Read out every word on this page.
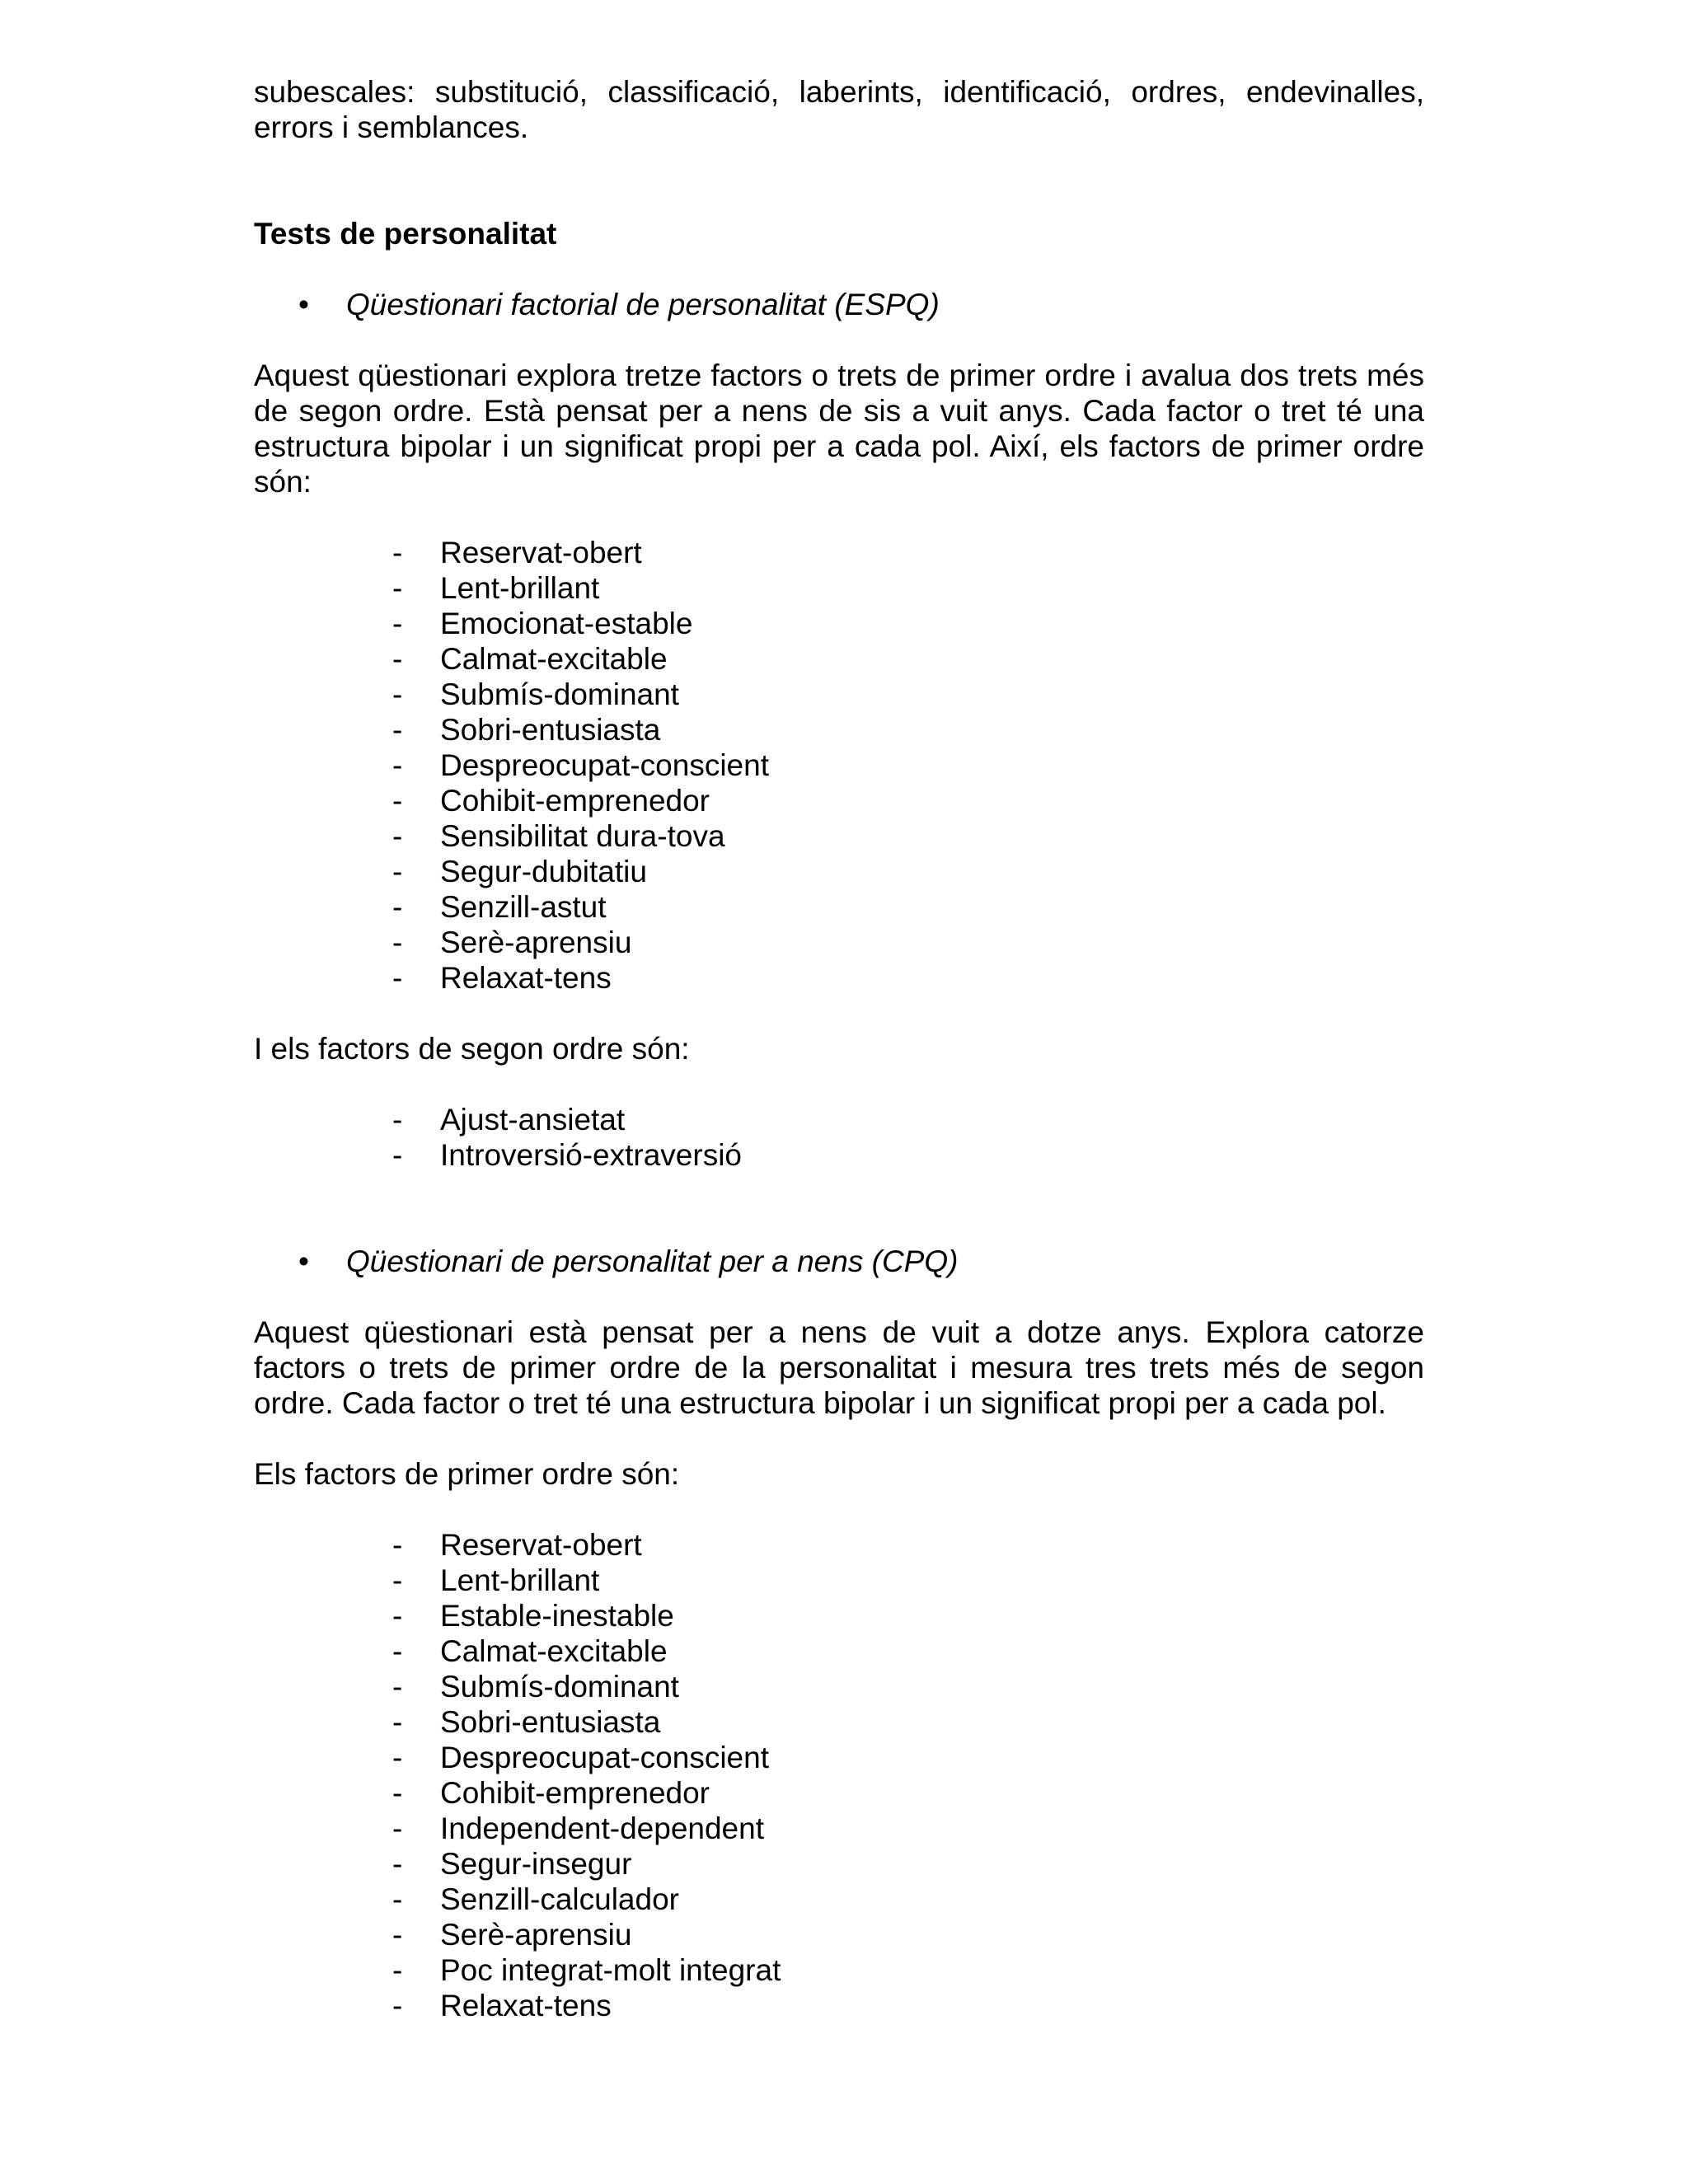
subescales: substitució, classificació, laberints, identificació, ordres, endevinalles, errors i semblances.

Tests de personalitat

•	Qüestionari factorial de personalitat (ESPQ)

Aquest qüestionari explora tretze factors o trets de primer ordre i avalua dos trets més de segon ordre. Està pensat per a nens de sis a vuit anys. Cada factor o tret té una estructura bipolar i un significat propi per a cada pol. Així, els factors de primer ordre són:

-	Reservat-obert
-	Lent-brillant
-	Emocionat-estable
-	Calmat-excitable
-	Submís-dominant
-	Sobri-entusiasta
-	Despreocupat-conscient
-	Cohibit-emprenedor
-	Sensibilitat dura-tova
-	Segur-dubitatiu
-	Senzill-astut
-	Serè-aprensiu
-	Relaxat-tens

I els factors de segon ordre són:

-	Ajust-ansietat
-	Introversió-extraversió

•	Qüestionari de personalitat per a nens (CPQ)

Aquest qüestionari està pensat per a nens de vuit a dotze anys. Explora catorze factors o trets de primer ordre de la personalitat i mesura tres trets més de segon ordre. Cada factor o tret té una estructura bipolar i un significat propi per a cada pol.

Els factors de primer ordre són:

-	Reservat-obert
-	Lent-brillant
-	Estable-inestable
-	Calmat-excitable
-	Submís-dominant
-	Sobri-entusiasta
-	Despreocupat-conscient
-	Cohibit-emprenedor
-	Independent-dependent
-	Segur-insegur
-	Senzill-calculador
-	Serè-aprensiu
-	Poc integrat-molt integrat
-	Relaxat-tens
